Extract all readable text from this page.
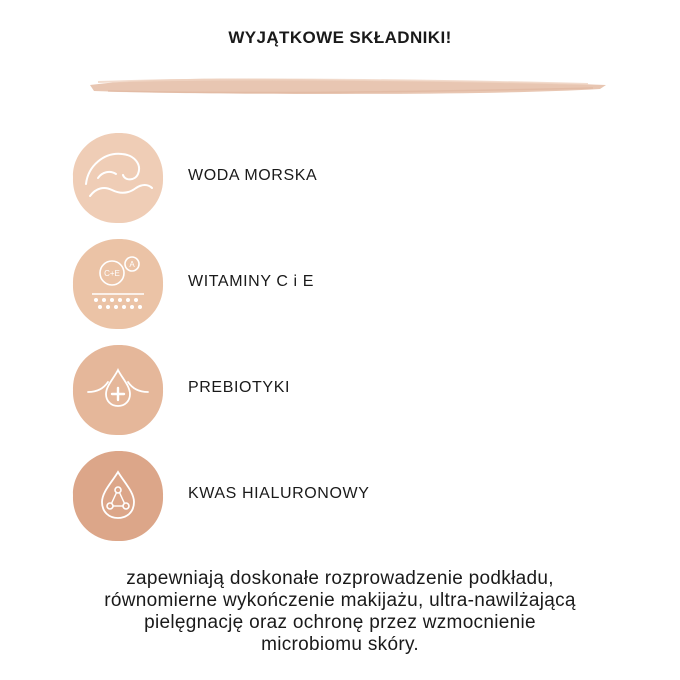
WYJĄTKOWE SKŁADNIKI!
WODA MORSKA
C+E
A
WITAMINY C i E
PREBIOTYKI
KWAS HIALURONOWY
zapewniają doskonałe rozprowadzenie podkładu,
równomierne wykończenie makijażu, ultra-nawilżającą
pielęgnację oraz ochronę przez wzmocnienie
microbiomu skóry.
